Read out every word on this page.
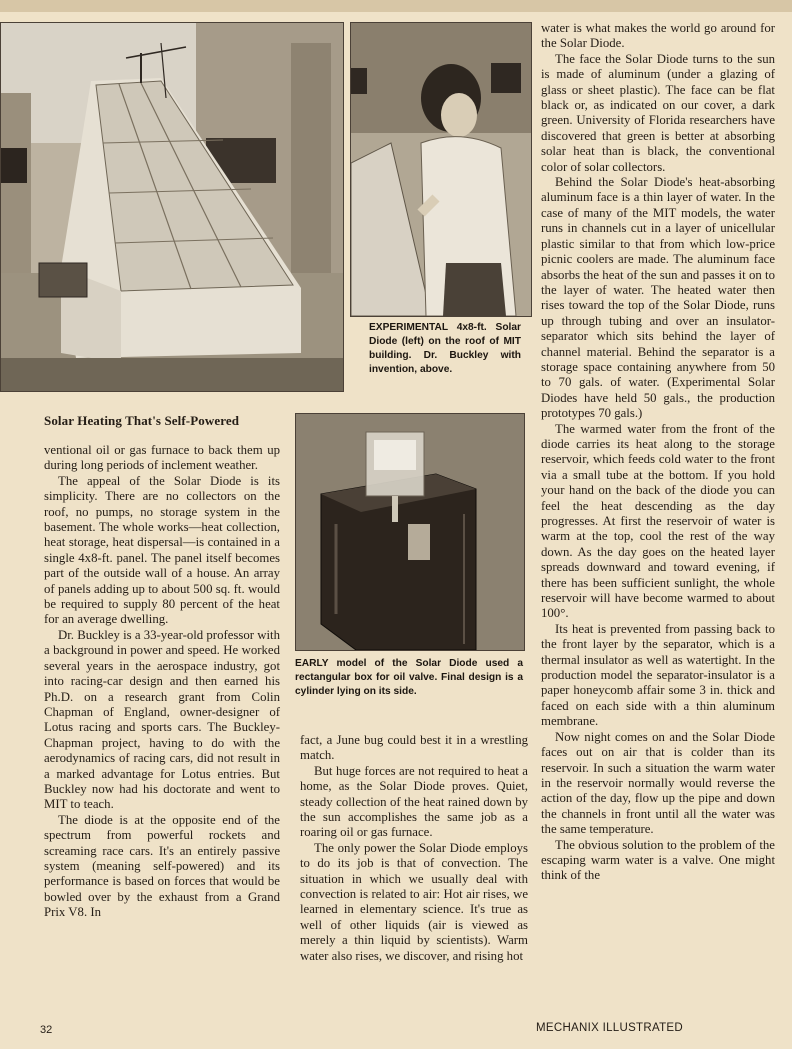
EXPERIMENTAL 4x8-ft. Solar Diode (left) on the roof of MIT building. Dr. Buckley with invention, above.
Solar Heating That's Self-Powered
EARLY model of the Solar Diode used a rectangular box for oil valve. Final design is a cylinder lying on its side.

ventional oil or gas furnace to back them up during long periods of inclement weather.

The appeal of the Solar Diode is its simplicity. There are no collectors on the roof, no pumps, no storage system in the basement. The whole works—heat collection, heat storage, heat dispersal—is contained in a single 4x8-ft. panel. The panel itself becomes part of the outside wall of a house. An array of panels adding up to about 500 sq. ft. would be required to supply 80 percent of the heat for an average dwelling.

Dr. Buckley is a 33-year-old professor with a background in power and speed. He worked several years in the aerospace industry, got into racing-car design and then earned his Ph.D. on a research grant from Colin Chapman of England, owner-designer of Lotus racing and sports cars. The Buckley-Chapman project, having to do with the aerodynamics of racing cars, did not result in a marked advantage for Lotus entries. But Buckley now had his doctorate and went to MIT to teach.

The diode is at the opposite end of the spectrum from powerful rockets and screaming race cars. It's an entirely passive system (meaning self-powered) and its performance is based on forces that would be bowled over by the exhaust from a Grand Prix V8. In

fact, a June bug could best it in a wrestling match.

But huge forces are not required to heat a home, as the Solar Diode proves. Quiet, steady collection of the heat rained down by the sun accomplishes the same job as a roaring oil or gas furnace.

The only power the Solar Diode employs to do its job is that of convection. The situation in which we usually deal with convection is related to air: Hot air rises, we learned in elementary science. It's true as well of other liquids (air is viewed as merely a thin liquid by scientists). Warm water also rises, we discover, and rising hot

water is what makes the world go around for the Solar Diode.

The face the Solar Diode turns to the sun is made of aluminum (under a glazing of glass or sheet plastic). The face can be flat black or, as indicated on our cover, a dark green. University of Florida researchers have discovered that green is better at absorbing solar heat than is black, the conventional color of solar collectors.

Behind the Solar Diode's heat-absorbing aluminum face is a thin layer of water. In the case of many of the MIT models, the water runs in channels cut in a layer of unicellular plastic similar to that from which low-price picnic coolers are made. The aluminum face absorbs the heat of the sun and passes it on to the layer of water. The heated water then rises toward the top of the Solar Diode, runs up through tubing and over an insulator-separator which sits behind the layer of channel material. Behind the separator is a storage space containing anywhere from 50 to 70 gals. of water. (Experimental Solar Diodes have held 50 gals., the production prototypes 70 gals.)

The warmed water from the front of the diode carries its heat along to the storage reservoir, which feeds cold water to the front via a small tube at the bottom. If you hold your hand on the back of the diode you can feel the heat descending as the day progresses. At first the reservoir of water is warm at the top, cool the rest of the way down. As the day goes on the heated layer spreads downward and toward evening, if there has been sufficient sunlight, the whole reservoir will have become warmed to about 100°.

Its heat is prevented from passing back to the front layer by the separator, which is a thermal insulator as well as watertight. In the production model the separator-insulator is a paper honeycomb affair some 3 in. thick and faced on each side with a thin aluminum membrane.

Now night comes on and the Solar Diode faces out on air that is colder than its reservoir. In such a situation the warm water in the reservoir normally would reverse the action of the day, flow up the pipe and down the channels in front until all the water was the same temperature.

The obvious solution to the problem of the escaping warm water is a valve. One might think of the

32	MECHANIX ILLUSTRATED
